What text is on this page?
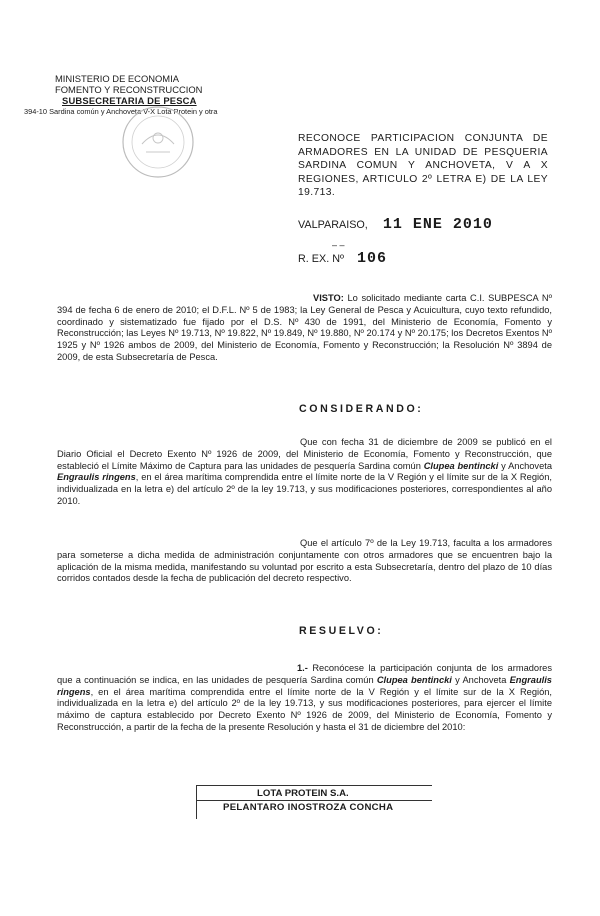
MINISTERIO DE ECONOMIA
FOMENTO Y RECONSTRUCCION
SUBSECRETARIA DE PESCA
394-10 Sardina común y Anchoveta V-X Lota Protein y otra
RECONOCE PARTICIPACION CONJUNTA DE ARMADORES EN LA UNIDAD DE PESQUERIA SARDINA COMUN Y ANCHOVETA, V A X REGIONES, ARTICULO 2º LETRA E) DE LA LEY 19.713.
VALPARAISO, 11 ENE 2010
– –
R. EX. Nº 106
VISTO: Lo solicitado mediante carta C.I. SUBPESCA Nº 394 de fecha 6 de enero de 2010; el D.F.L. Nº 5 de 1983; la Ley General de Pesca y Acuicultura, cuyo texto refundido, coordinado y sistematizado fue fijado por el D.S. Nº 430 de 1991, del Ministerio de Economía, Fomento y Reconstrucción; las Leyes Nº 19.713, Nº 19.822, Nº 19.849, Nº 19.880, Nº 20.174 y Nº 20.175; los Decretos Exentos Nº 1925 y Nº 1926 ambos de 2009, del Ministerio de Economía, Fomento y Reconstrucción; la Resolución Nº 3894 de 2009, de esta Subsecretaría de Pesca.
CONSIDERANDO:
Que con fecha 31 de diciembre de 2009 se publicó en el Diario Oficial el Decreto Exento Nº 1926 de 2009, del Ministerio de Economía, Fomento y Reconstrucción, que estableció el Límite Máximo de Captura para las unidades de pesquería Sardina común Clupea bentincki y Anchoveta Engraulis ringens, en el área marítima comprendida entre el límite norte de la V Región y el límite sur de la X Región, individualizada en la letra e) del artículo 2º de la ley 19.713, y sus modificaciones posteriores, correspondientes al año 2010.
Que el artículo 7º de la Ley 19.713, faculta a los armadores para someterse a dicha medida de administración conjuntamente con otros armadores que se encuentren bajo la aplicación de la misma medida, manifestando su voluntad por escrito a esta Subsecretaría, dentro del plazo de 10 días corridos contados desde la fecha de publicación del decreto respectivo.
RESUELVO:
1.- Reconócese la participación conjunta de los armadores que a continuación se indica, en las unidades de pesquería Sardina común Clupea bentincki y Anchoveta Engraulis ringens, en el área marítima comprendida entre el límite norte de la V Región y el límite sur de la X Región, individualizada en la letra e) del artículo 2º de la ley 19.713, y sus modificaciones posteriores, para ejercer el límite máximo de captura establecido por Decreto Exento Nº 1926 de 2009, del Ministerio de Economía, Fomento y Reconstrucción, a partir de la fecha de la presente Resolución y hasta el 31 de diciembre del 2010:
LOTA PROTEIN S.A.
PELANTARO INOSTROZA CONCHA
